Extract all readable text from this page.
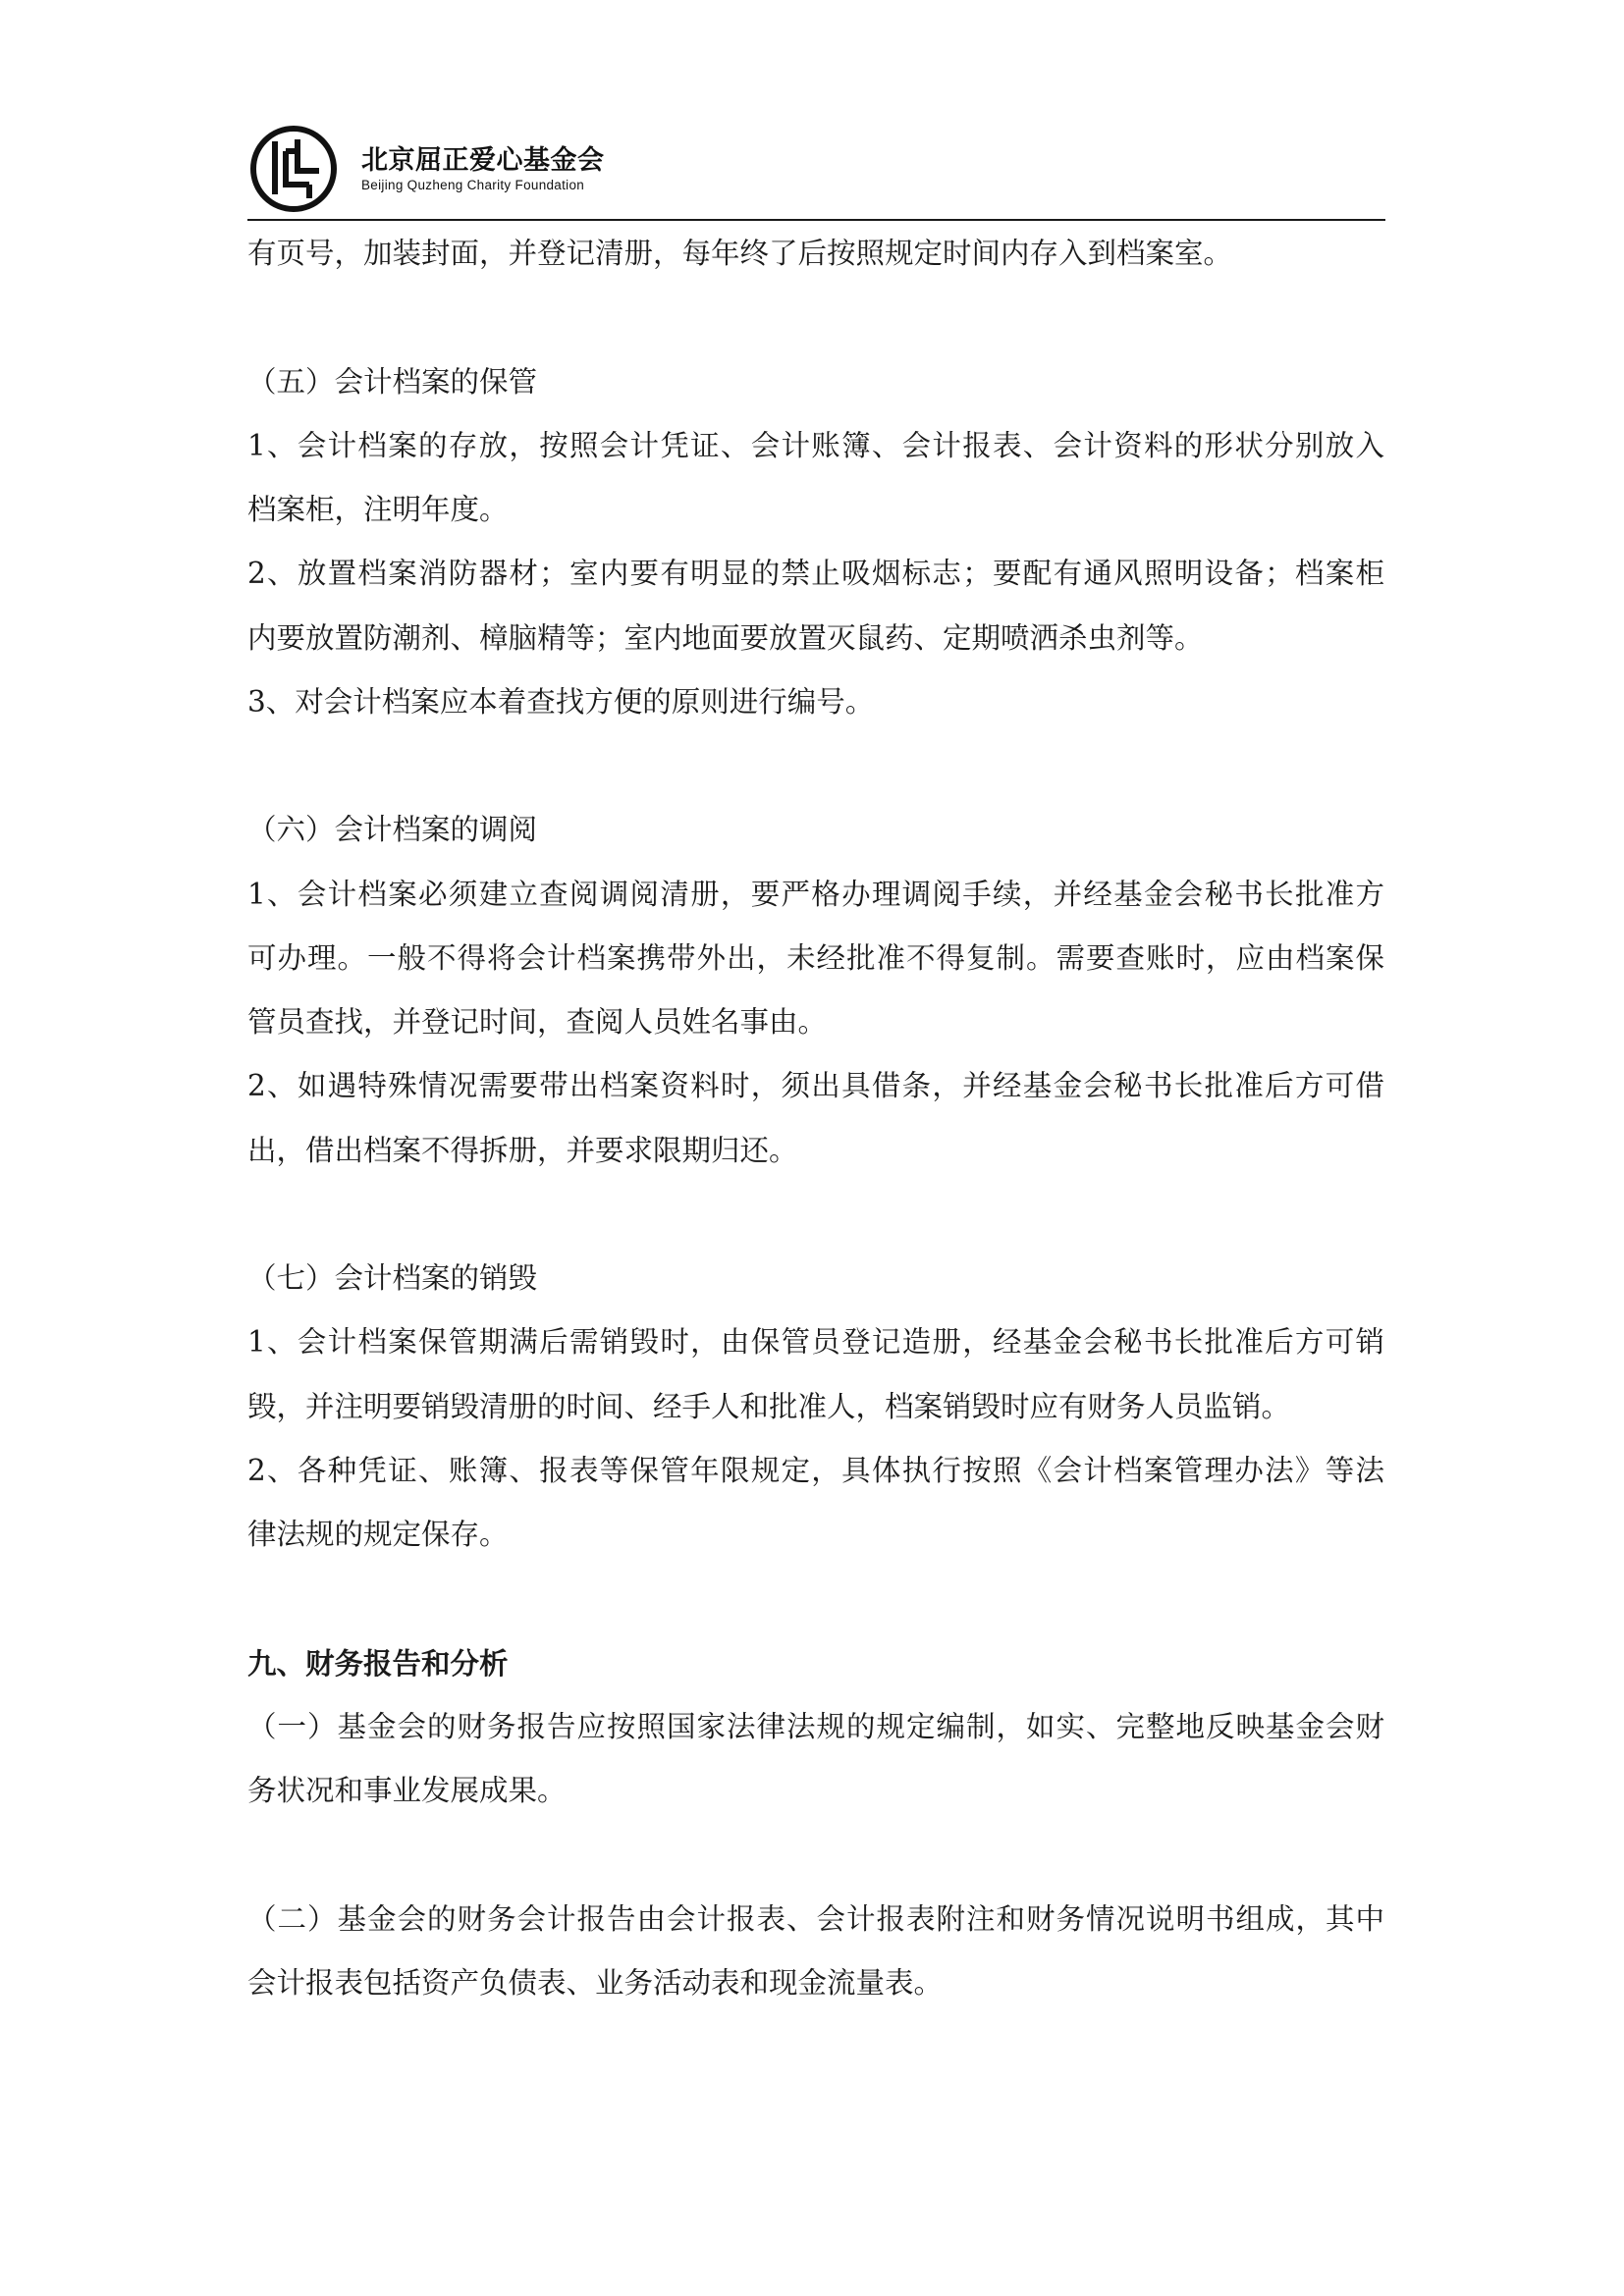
北京屈正爱心基金会
Beijing Quzheng Charity Foundation
有页号，加装封面，并登记清册，每年终了后按照规定时间内存入到档案室。
（五）会计档案的保管
1、会计档案的存放，按照会计凭证、会计账簿、会计报表、会计资料的形状分别放入
档案柜，注明年度。
2、放置档案消防器材；室内要有明显的禁止吸烟标志；要配有通风照明设备；档案柜
内要放置防潮剂、樟脑精等；室内地面要放置灭鼠药、定期喷洒杀虫剂等。
3、对会计档案应本着查找方便的原则进行编号。
（六）会计档案的调阅
1、会计档案必须建立查阅调阅清册，要严格办理调阅手续，并经基金会秘书长批准方
可办理。一般不得将会计档案携带外出，未经批准不得复制。需要查账时，应由档案保
管员查找，并登记时间，查阅人员姓名事由。
2、如遇特殊情况需要带出档案资料时，须出具借条，并经基金会秘书长批准后方可借
出，借出档案不得拆册，并要求限期归还。
（七）会计档案的销毁
1、会计档案保管期满后需销毁时，由保管员登记造册，经基金会秘书长批准后方可销
毁，并注明要销毁清册的时间、经手人和批准人，档案销毁时应有财务人员监销。
2、各种凭证、账簿、报表等保管年限规定，具体执行按照《会计档案管理办法》等法
律法规的规定保存。
九、财务报告和分析
（一）基金会的财务报告应按照国家法律法规的规定编制，如实、完整地反映基金会财
务状况和事业发展成果。
（二）基金会的财务会计报告由会计报表、会计报表附注和财务情况说明书组成，其中
会计报表包括资产负债表、业务活动表和现金流量表。
